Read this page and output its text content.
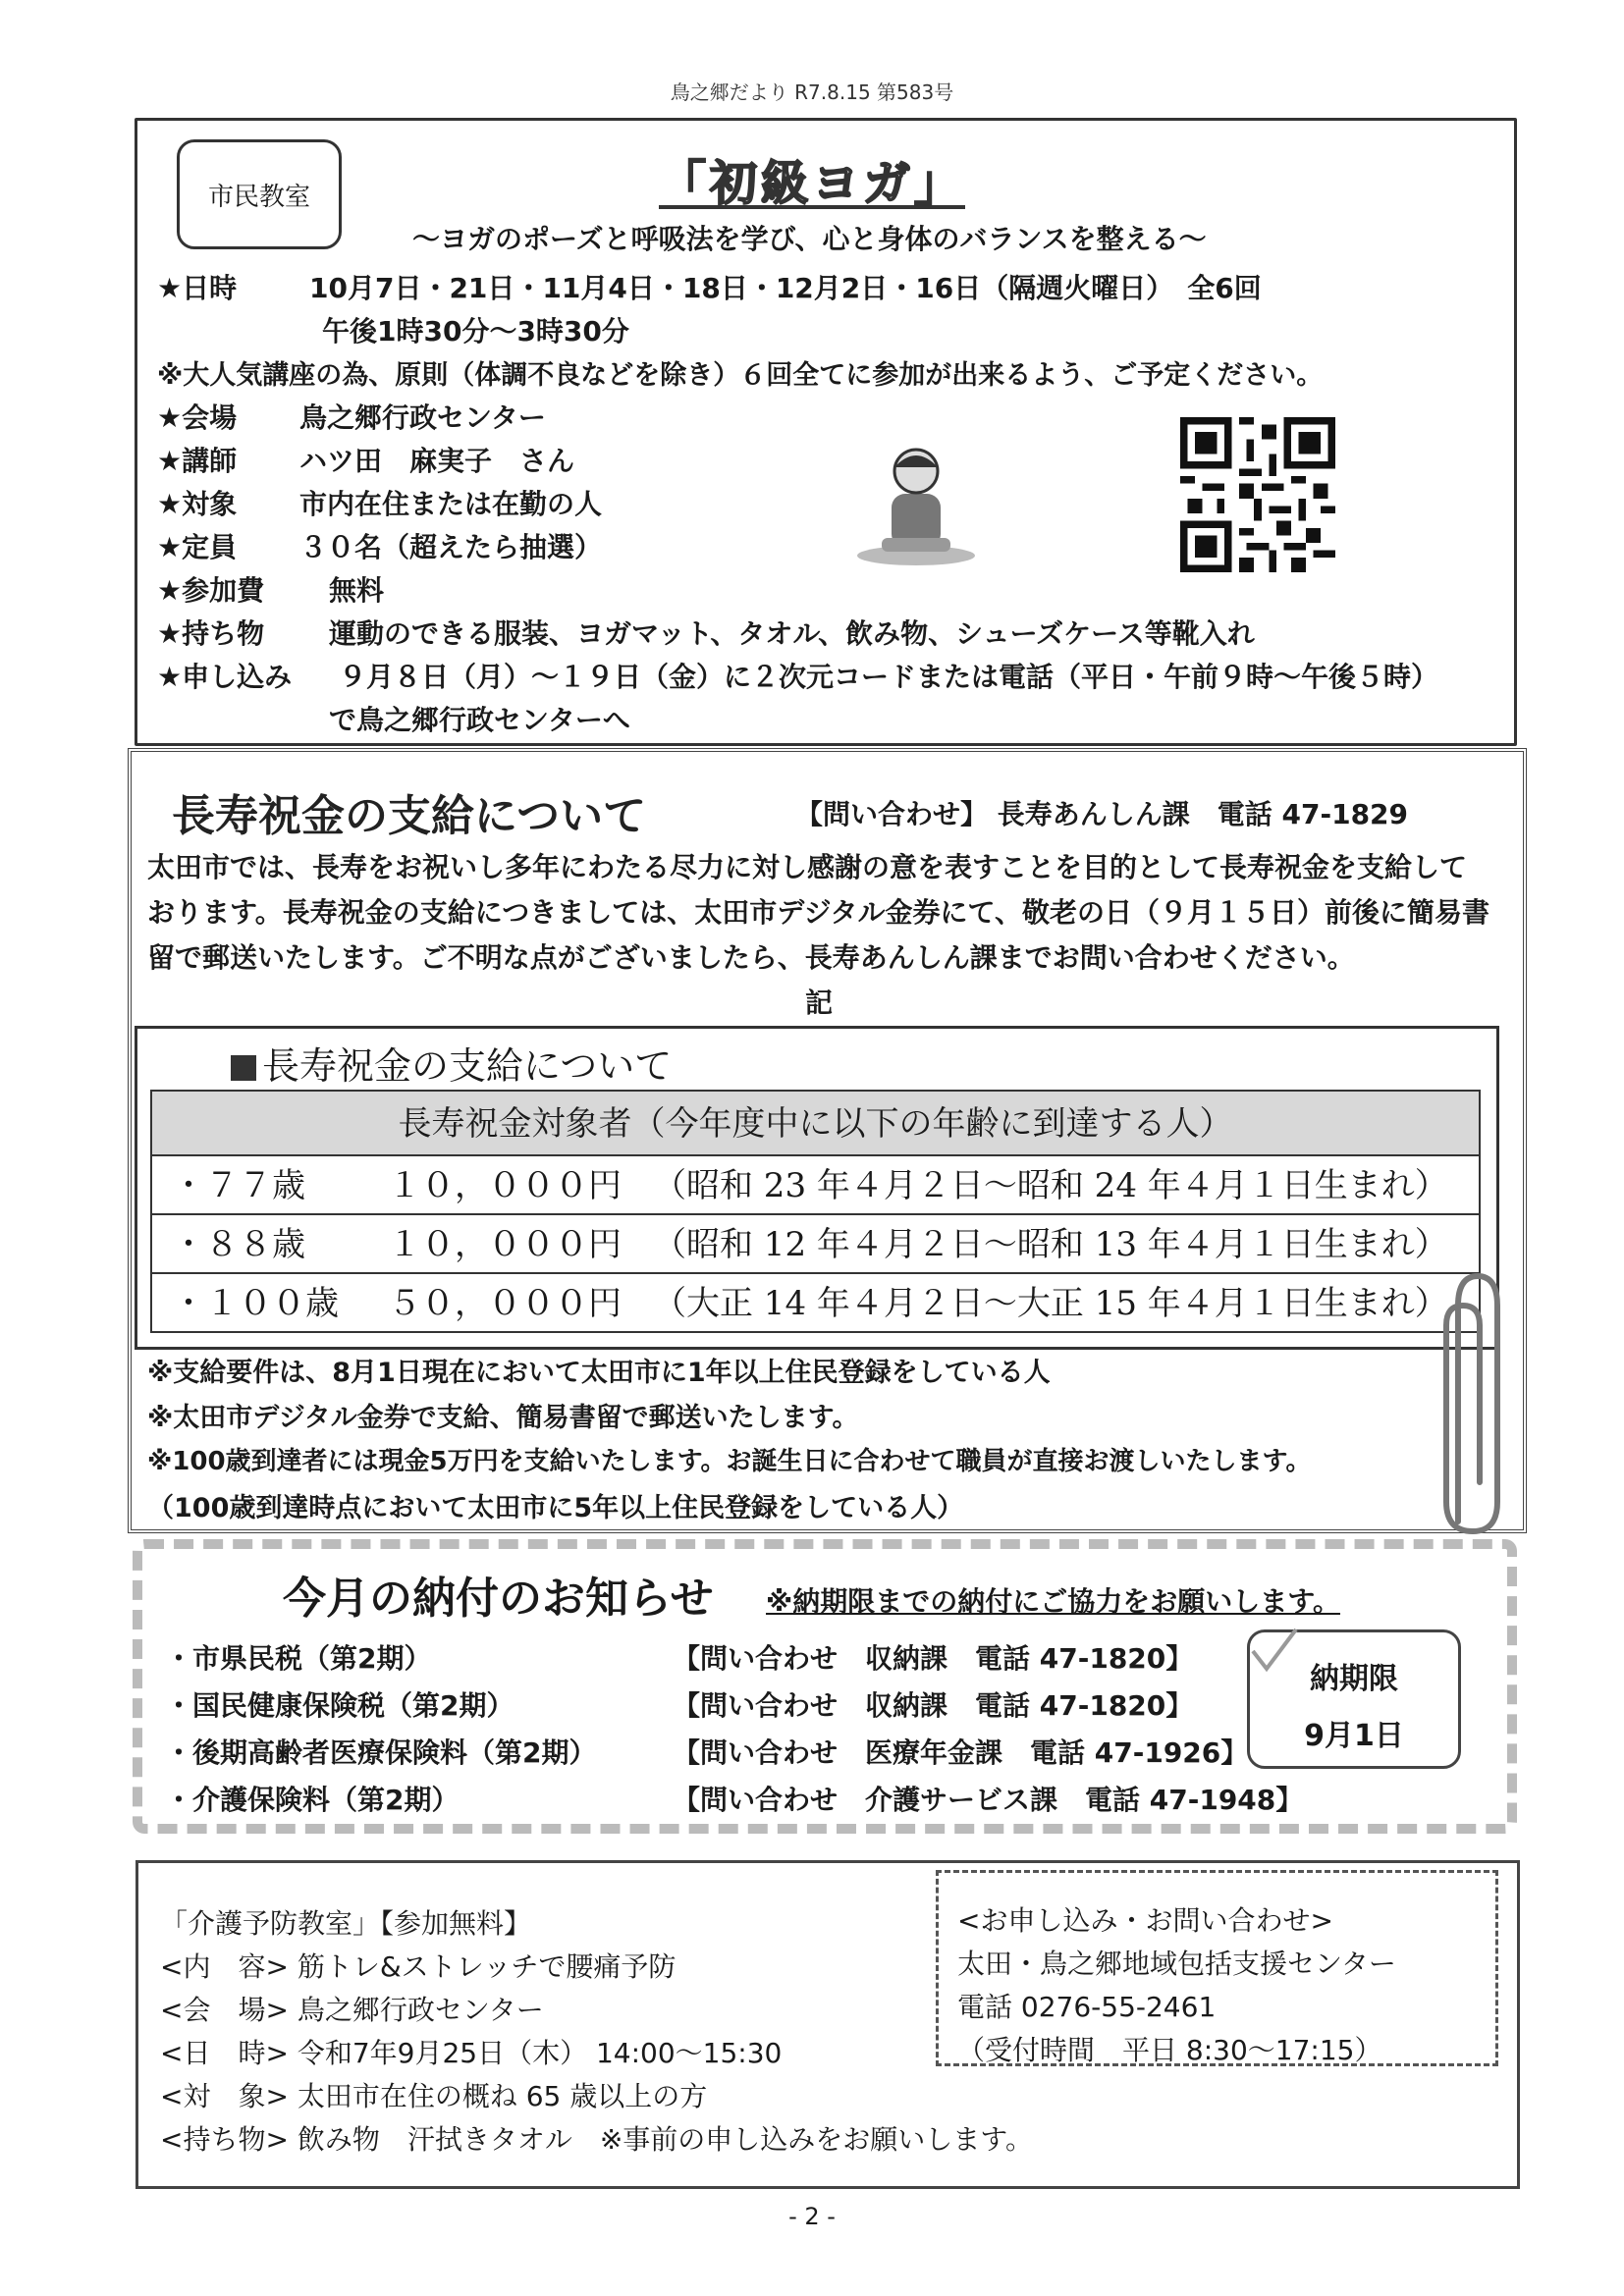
鳥之郷だより R7.8.15 第583号
市民教室	「初級ヨガ」
～ヨガのポーズと呼吸法を学び、心と身体のバランスを整える～
★日時	10月7日・21日・11月4日・18日・12月2日・16日（隔週火曜日）　全6回
午後1時30分～3時30分
※大人気講座の為、原則（体調不良などを除き）６回全てに参加が出来るよう、ご予定ください。
★会場 鳥之郷行政センター
★講師 ハツ田　麻実子　さん
★対象 市内在住または在勤の人
★定員 ３０名（超えたら抽選）
★参加費 無料
★持ち物 運動のできる服装、ヨガマット、タオル、飲み物、シューズケース等靴入れ
★申し込み ９月８日（月）～１９日（金）に２次元コードまたは電話（平日・午前９時～午後５時）
で鳥之郷行政センターへ
長寿祝金の支給について	【問い合わせ】 長寿あんしん課　電話 47-1829
太田市では、長寿をお祝いし多年にわたる尽力に対し感謝の意を表すことを目的として長寿祝金を支給して
おります。長寿祝金の支給につきましては、太田市デジタル金券にて、敬老の日（９月１５日）前後に簡易書
留で郵送いたします。ご不明な点がございましたら、長寿あんしん課までお問い合わせください。
記
長寿祝金の支給について
長寿祝金対象者（今年度中に以下の年齢に到達する人）
・７７歳 １０，０００円 （昭和 23 年４月２日～昭和 24 年４月１日生まれ）
・８８歳 １０，０００円 （昭和 12 年４月２日～昭和 13 年４月１日生まれ）
・１００歳 ５０，０００円 （大正 14 年４月２日～大正 15 年４月１日生まれ）
※支給要件は、8月1日現在において太田市に1年以上住民登録をしている人
※太田市デジタル金券で支給、簡易書留で郵送いたします。
※100歳到達者には現金5万円を支給いたします。お誕生日に合わせて職員が直接お渡しいたします。
（100歳到達時点において太田市に5年以上住民登録をしている人）
今月の納付のお知らせ ※納期限までの納付にご協力をお願いします。
・市県民税（第2期）	【問い合わせ　収納課　電話 47-1820】
・国民健康保険税（第2期）	【問い合わせ　収納課　電話 47-1820】
・後期高齢者医療保険料（第2期）	【問い合わせ　医療年金課　電話 47-1926】
・介護保険料（第2期）	【問い合わせ　介護サービス課　電話 47-1948】
納期限
9月1日
「介護予防教室」【参加無料】
<内　容> 筋トレ&ストレッチで腰痛予防
<会　場> 鳥之郷行政センター
<日　時> 令和7年9月25日（木） 14:00～15:30
<対　象> 太田市在住の概ね 65 歳以上の方
<持ち物> 飲み物　汗拭きタオル　※事前の申し込みをお願いします。
<お申し込み・お問い合わせ>
太田・鳥之郷地域包括支援センター
電話 0276-55-2461
（受付時間　平日 8:30～17:15）
- 2 -
